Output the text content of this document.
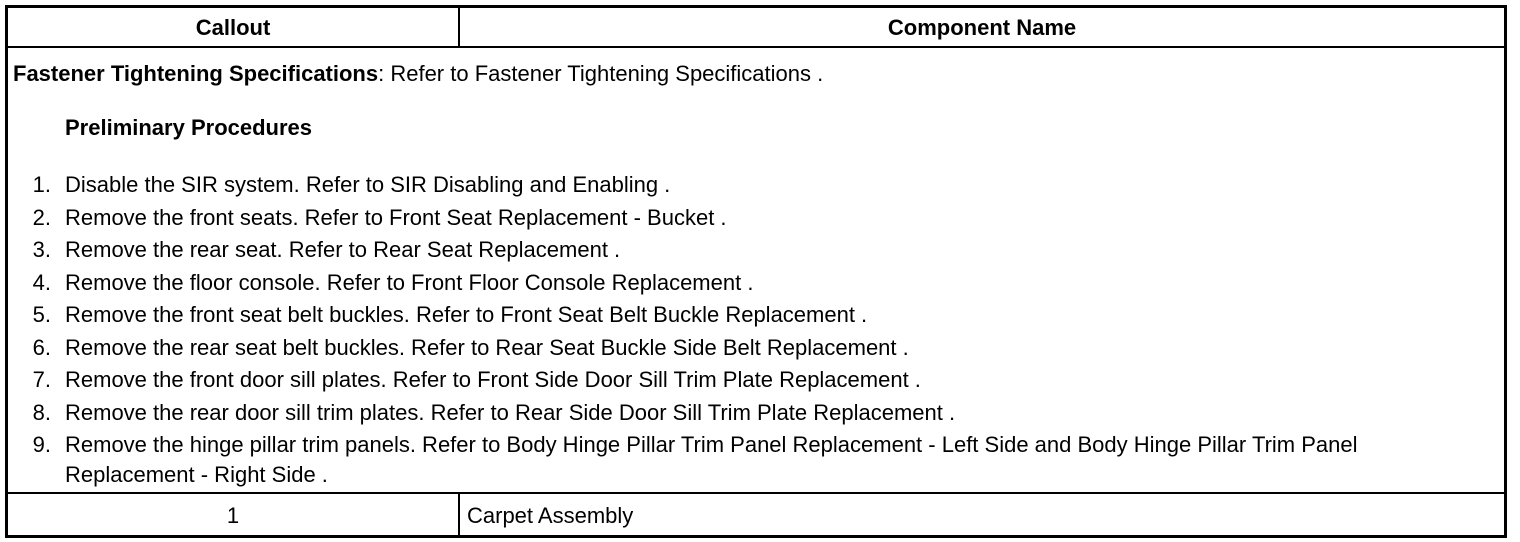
Callout	Component Name
Fastener Tightening Specifications: Refer to Fastener Tightening Specifications .
Preliminary Procedures
1. Disable the SIR system. Refer to SIR Disabling and Enabling .
2. Remove the front seats. Refer to Front Seat Replacement - Bucket .
3. Remove the rear seat. Refer to Rear Seat Replacement .
4. Remove the floor console. Refer to Front Floor Console Replacement .
5. Remove the front seat belt buckles. Refer to Front Seat Belt Buckle Replacement .
6. Remove the rear seat belt buckles. Refer to Rear Seat Buckle Side Belt Replacement .
7. Remove the front door sill plates. Refer to Front Side Door Sill Trim Plate Replacement .
8. Remove the rear door sill trim plates. Refer to Rear Side Door Sill Trim Plate Replacement .
9. Remove the hinge pillar trim panels. Refer to Body Hinge Pillar Trim Panel Replacement - Left Side and Body Hinge Pillar Trim Panel Replacement - Right Side .
1	Carpet Assembly
